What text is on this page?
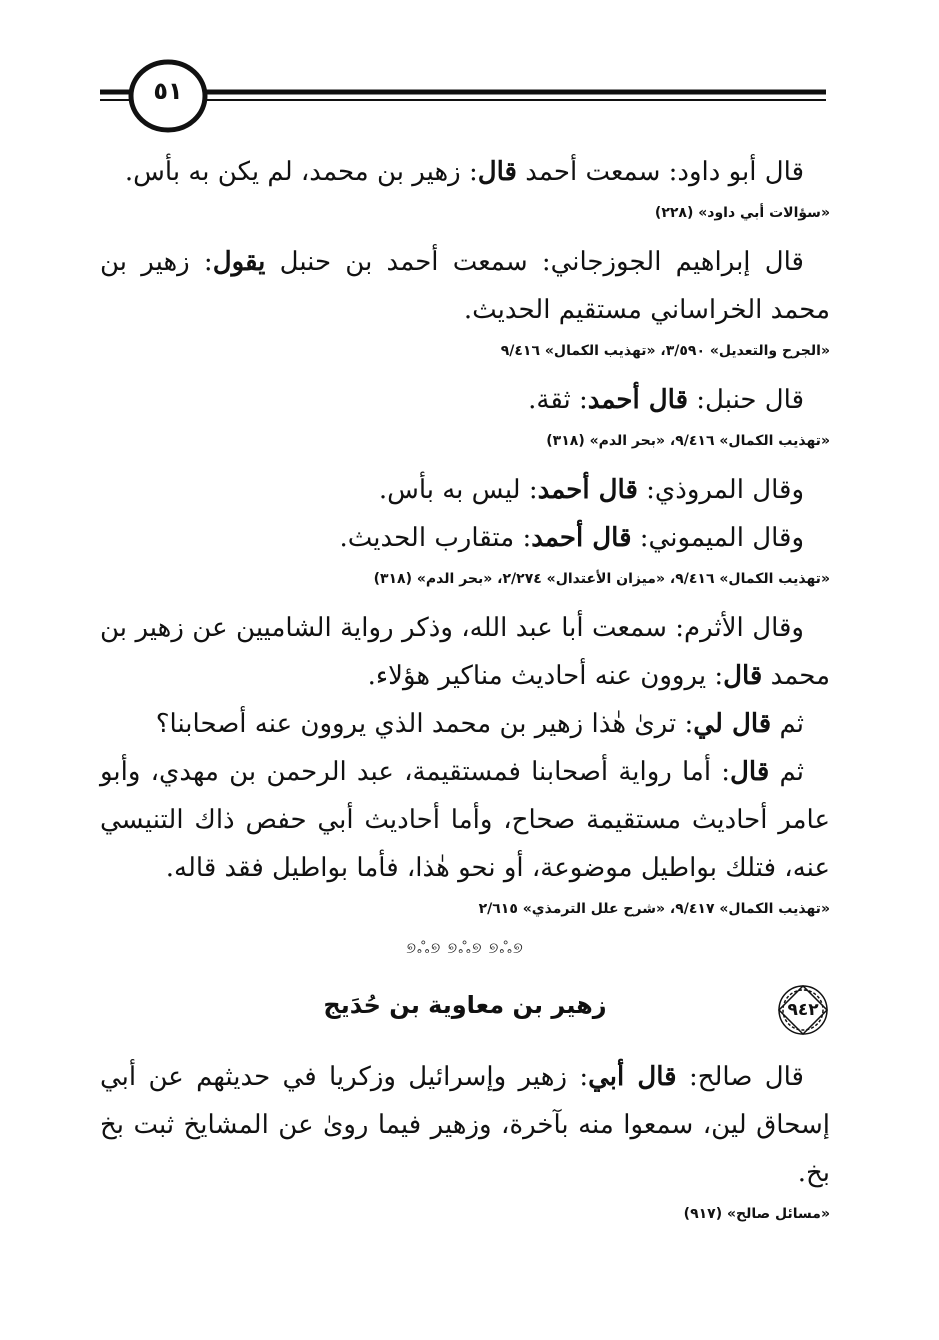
٥١

قال أبو داود: سمعت أحمد قال: زهير بن محمد، لم يكن به بأس.

«سؤالات أبي داود» (٢٢٨)

قال إبراهيم الجوزجاني: سمعت أحمد بن حنبل يقول: زهير بن محمد الخراساني مستقيم الحديث.

«الجرح والتعديل» ٣/٥٩٠، «تهذيب الكمال» ٩/٤١٦

قال حنبل: قال أحمد: ثقة.

«تهذيب الكمال» ٩/٤١٦، «بحر الدم» (٣١٨)

وقال المروذي: قال أحمد: ليس به بأس.

وقال الميموني: قال أحمد: متقارب الحديث.

«تهذيب الكمال» ٩/٤١٦، «ميزان الأعتدال» ٢/٢٧٤، «بحر الدم» (٣١٨)

وقال الأثرم: سمعت أبا عبد الله، وذكر رواية الشاميين عن زهير بن محمد قال: يروون عنه أحاديث مناكير هؤلاء.

ثم قال لي: ترىٰ هٰذا زهير بن محمد الذي يروون عنه أصحابنا؟

ثم قال: أما رواية أصحابنا فمستقيمة، عبد الرحمن بن مهدي، وأبو عامر أحاديث مستقيمة صحاح، وأما أحاديث أبي حفص ذاك التنيسي عنه، فتلك بواطيل موضوعة، أو نحو هٰذا، فأما بواطيل فقد قاله.

«تهذيب الكمال» ٩/٤١٧، «شرح علل الترمذي» ٢/٦١٥
୭ஃ୭ ୭ஃ୭ ୭ஃ୭
٩٤٢
زهير بن معاوية بن حُدَيج

قال صالح: قال أبي: زهير وإسرائيل وزكريا في حديثهم عن أبي إسحاق لين، سمعوا منه بآخرة، وزهير فيما روىٰ عن المشايخ ثبت بخ بخ.

«مسائل صالح» (٩١٧)
